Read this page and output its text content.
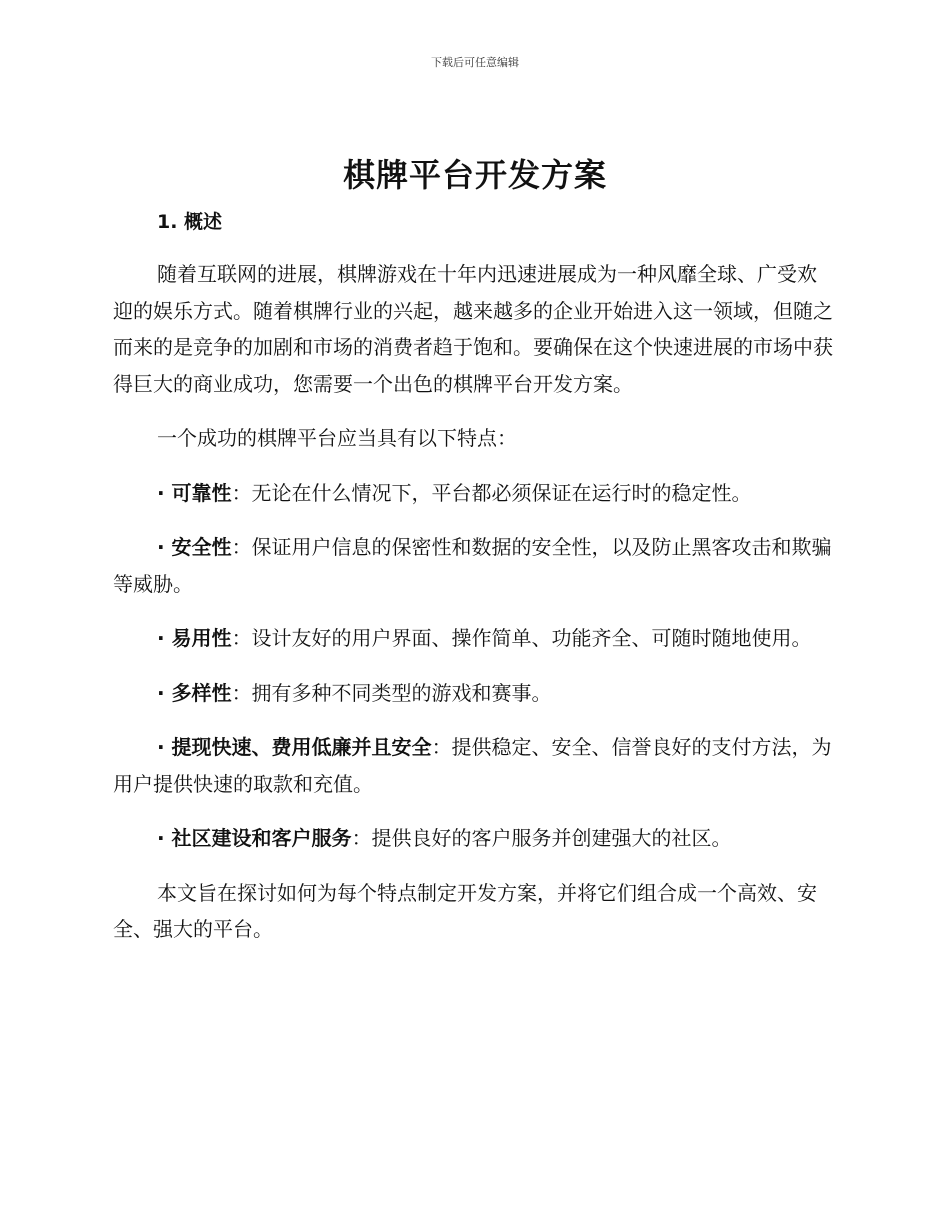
下载后可任意编辑
棋牌平台开发方案
1. 概述

随着互联网的进展，棋牌游戏在十年内迅速进展成为一种风靡全球、广受欢迎的娱乐方式。随着棋牌行业的兴起，越来越多的企业开始进入这一领域，但随之而来的是竞争的加剧和市场的消费者趋于饱和。要确保在这个快速进展的市场中获得巨大的商业成功，您需要一个出色的棋牌平台开发方案。

一个成功的棋牌平台应当具有以下特点：

· 可靠性：无论在什么情况下，平台都必须保证在运行时的稳定性。

· 安全性：保证用户信息的保密性和数据的安全性，以及防止黑客攻击和欺骗等威胁。

· 易用性：设计友好的用户界面、操作简单、功能齐全、可随时随地使用。

· 多样性：拥有多种不同类型的游戏和赛事。

· 提现快速、费用低廉并且安全：提供稳定、安全、信誉良好的支付方法，为用户提供快速的取款和充值。

· 社区建设和客户服务：提供良好的客户服务并创建强大的社区。

本文旨在探讨如何为每个特点制定开发方案，并将它们组合成一个高效、安全、强大的平台。
